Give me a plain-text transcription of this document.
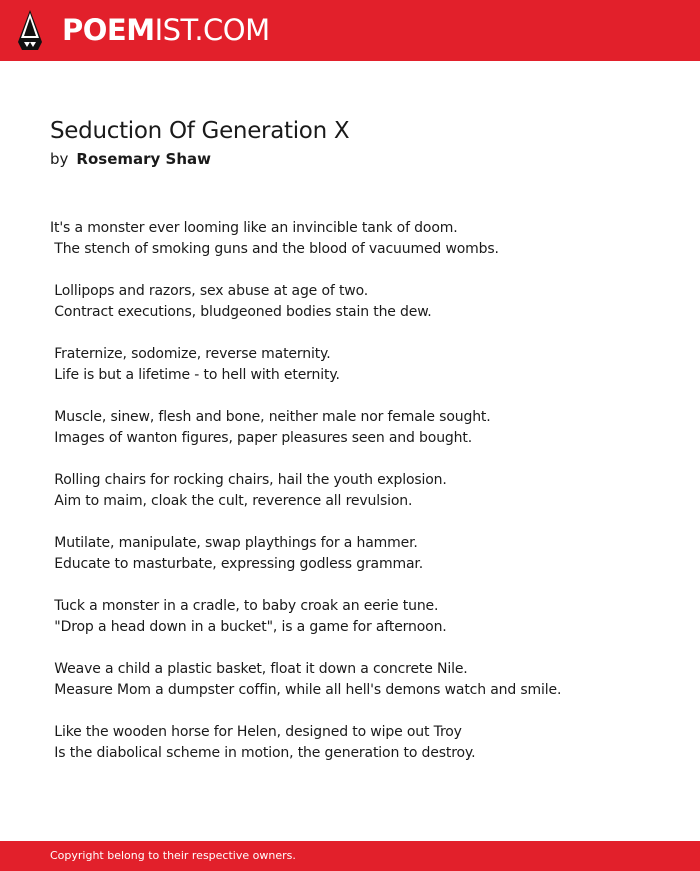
POEMIST.COM
Seduction Of Generation X
by Rosemary Shaw
It's a monster ever looming like an invincible tank of doom.
The stench of smoking guns and the blood of vacuumed wombs.
Lollipops and razors, sex abuse at age of two.
Contract executions, bludgeoned bodies stain the dew.
Fraternize, sodomize, reverse maternity.
Life is but a lifetime - to hell with eternity.
Muscle, sinew, flesh and bone, neither male nor female sought.
Images of wanton figures, paper pleasures seen and bought.
Rolling chairs for rocking chairs, hail the youth explosion.
Aim to maim, cloak the cult, reverence all revulsion.
Mutilate, manipulate, swap playthings for a hammer.
Educate to masturbate, expressing godless grammar.
Tuck a monster in a cradle, to baby croak an eerie tune.
"Drop a head down in a bucket", is a game for afternoon.
Weave a child a plastic basket, float it down a concrete Nile.
Measure Mom a dumpster coffin, while all hell's demons watch and smile.
Like the wooden horse for Helen, designed to wipe out Troy
Is the diabolical scheme in motion, the generation to destroy.
Copyright belong to their respective owners.
